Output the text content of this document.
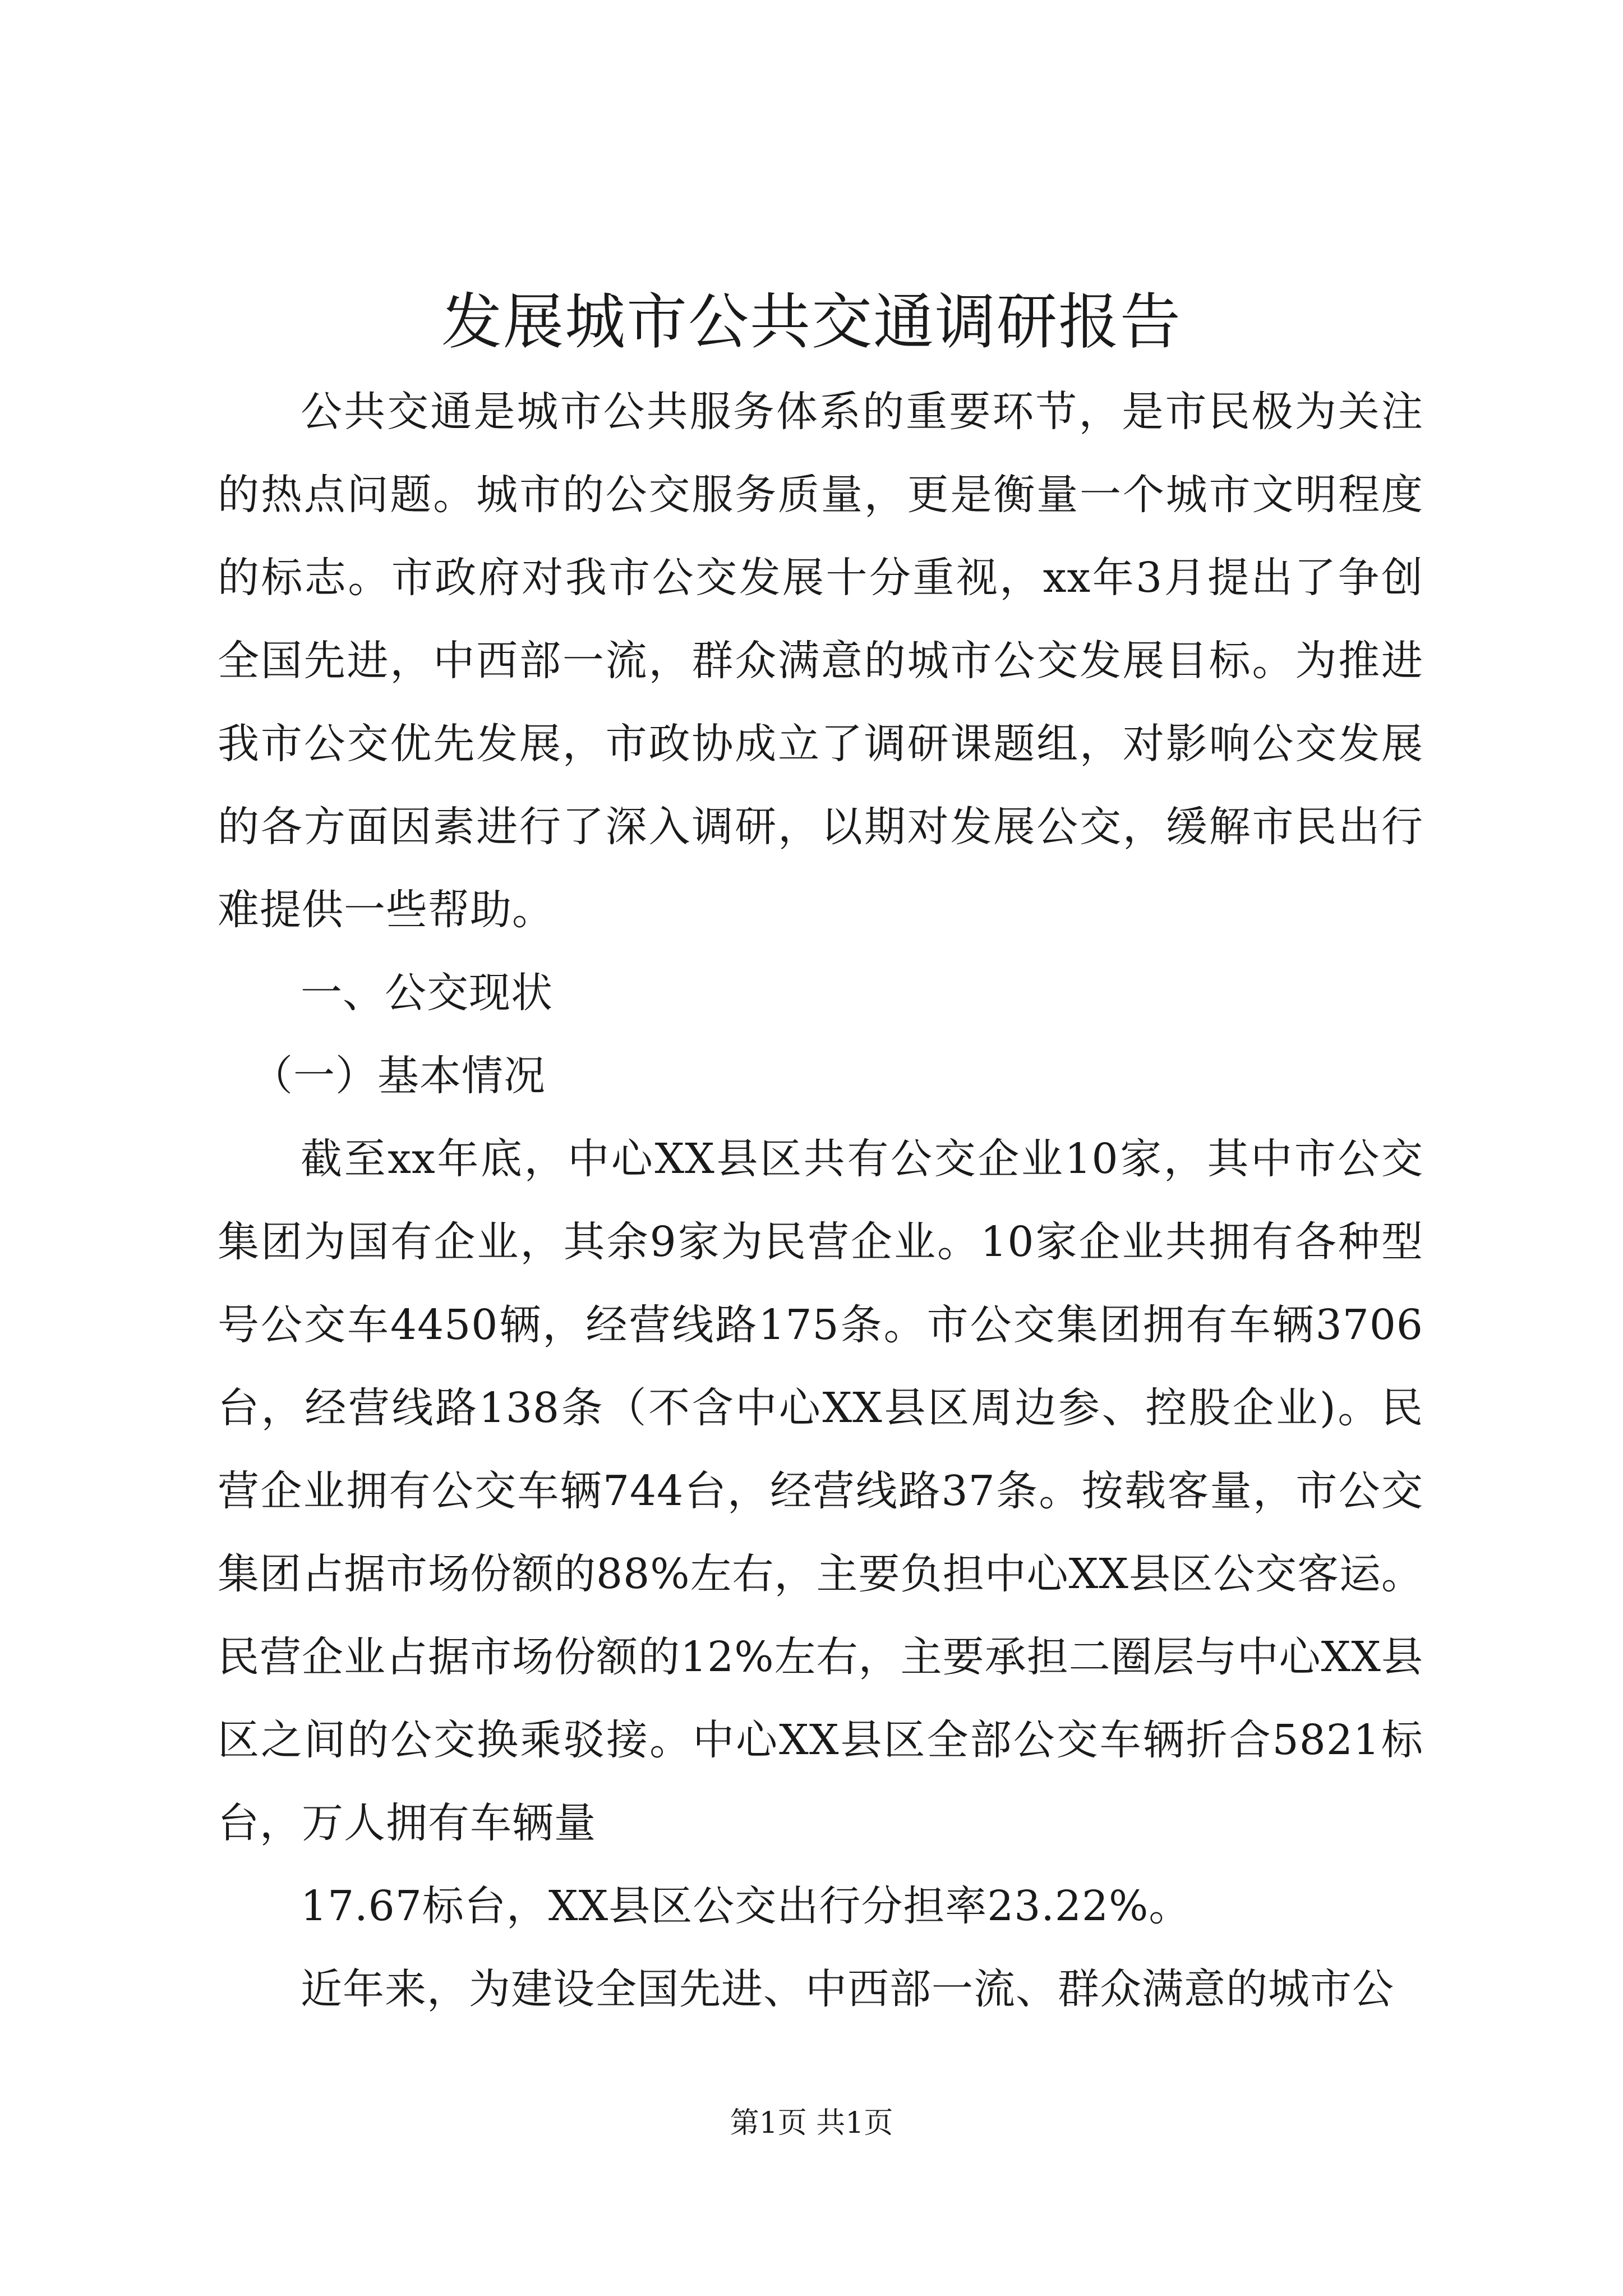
发展城市公共交通调研报告

公共交通是城市公共服务体系的重要环节，是市民极为关注的热点问题。城市的公交服务质量，更是衡量一个城市文明程度的标志。市政府对我市公交发展十分重视，xx年3月提出了争创全国先进，中西部一流，群众满意的城市公交发展目标。为推进我市公交优先发展，市政协成立了调研课题组，对影响公交发展的各方面因素进行了深入调研，以期对发展公交，缓解市民出行难提供一些帮助。

一、公交现状

（一）基本情况

截至xx年底，中心XX县区共有公交企业10家，其中市公交集团为国有企业，其余9家为民营企业。10家企业共拥有各种型号公交车4450辆，经营线路175条。市公交集团拥有车辆3706台，经营线路138条（不含中心XX县区周边参、控股企业)。民营企业拥有公交车辆744台，经营线路37条。按载客量，市公交集团占据市场份额的88%左右，主要负担中心XX县区公交客运。民营企业占据市场份额的12%左右，主要承担二圈层与中心XX县区之间的公交换乘驳接。中心XX县区全部公交车辆折合5821标台，万人拥有车辆量

17.67标台，XX县区公交出行分担率23.22%。

近年来，为建设全国先进、中西部一流、群众满意的城市公

第1页 共1页
